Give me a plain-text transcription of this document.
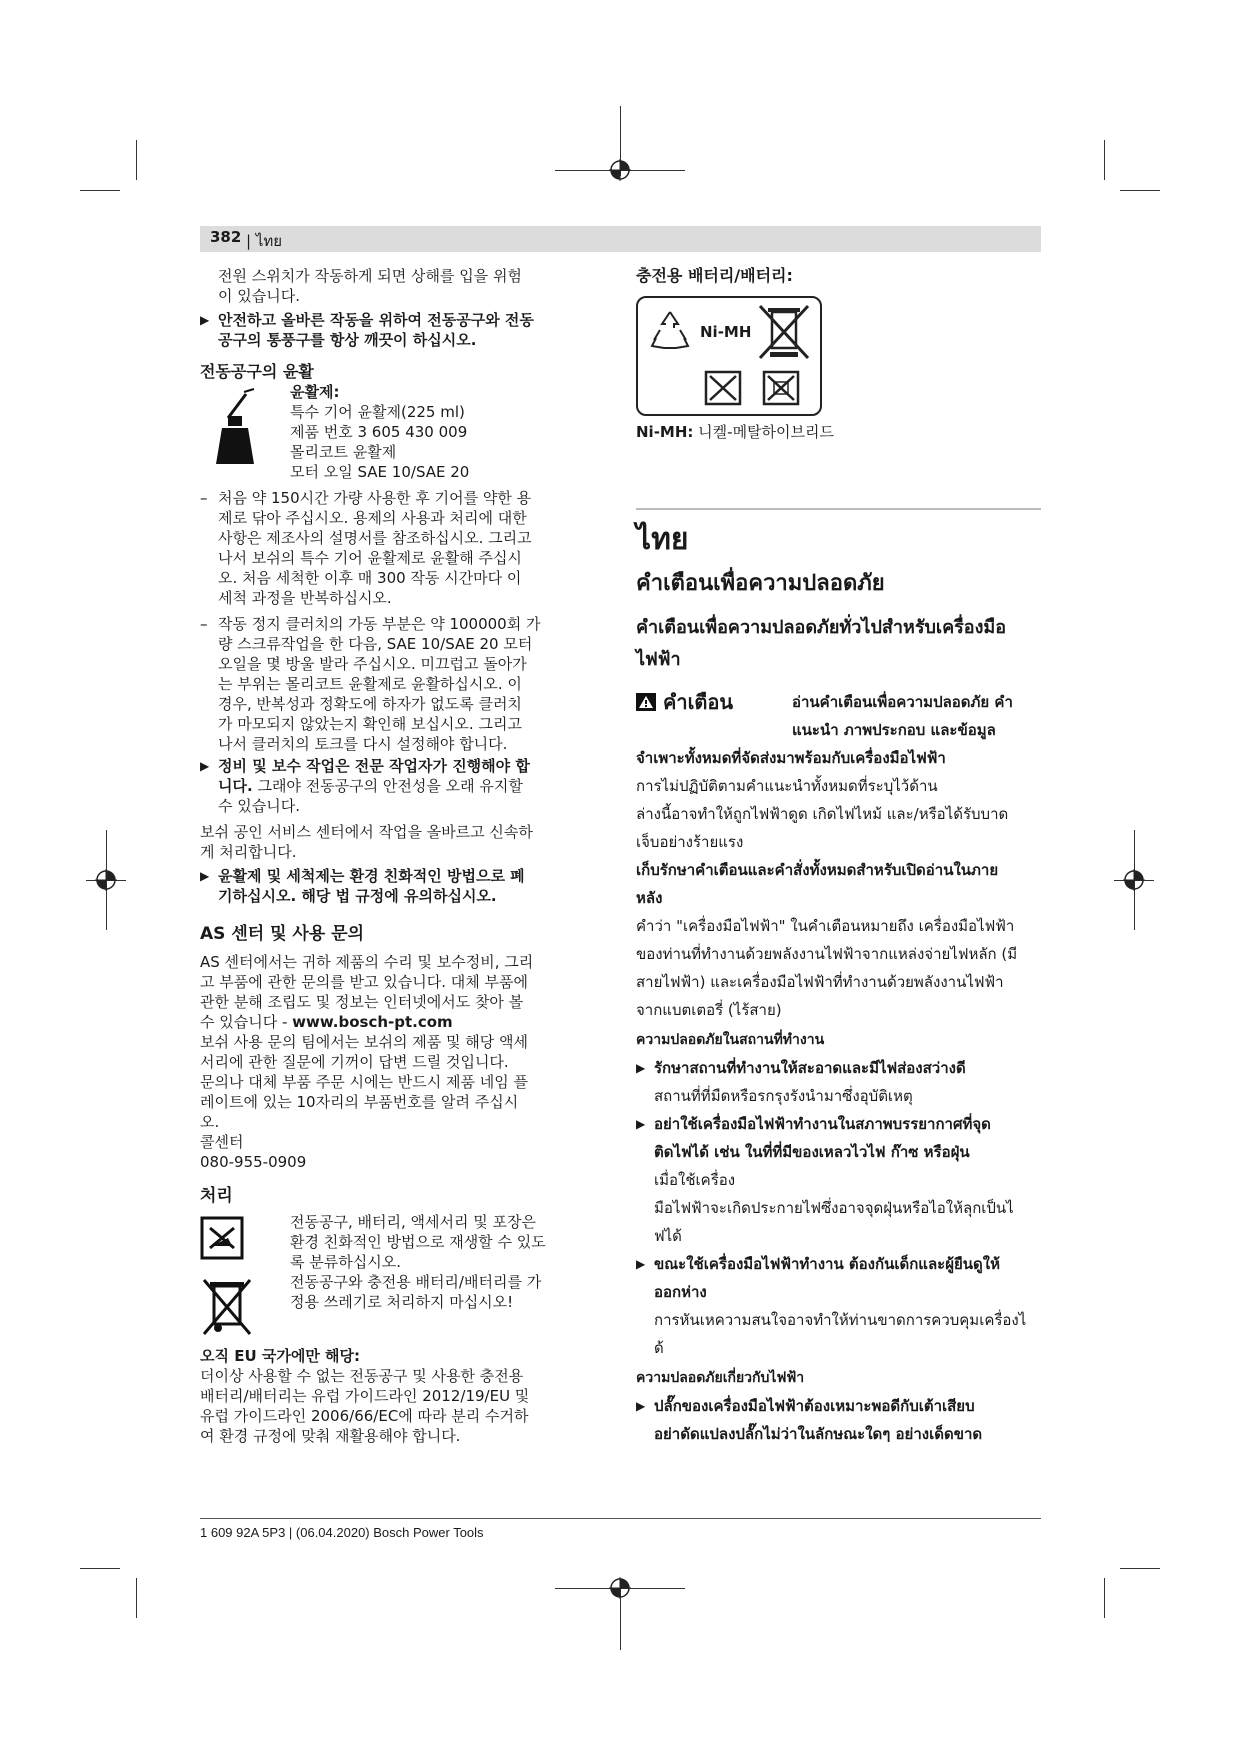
382 | ไทย

전원 스위치가 작동하게 되면 상해를 입을 위험

이 있습니다.

▶ 안전하고 올바른 작동을 위하여 전동공구와 전동

공구의 통풍구를 항상 깨끗이 하십시오.

전동공구의 윤활

윤활제:

특수 기어 윤활제(225 ml)

제품 번호 3 605 430 009

몰리코트 윤활제

모터 오일 SAE 10/SAE 20

– 처음 약 150시간 가량 사용한 후 기어를 약한 용

제로 닦아 주십시오. 용제의 사용과 처리에 대한

사항은 제조사의 설명서를 참조하십시오. 그리고

나서 보쉬의 특수 기어 윤활제로 윤활해 주십시

오. 처음 세척한 이후 매 300 작동 시간마다 이

세척 과정을 반복하십시오.

– 작동 정지 클러치의 가동 부분은 약 100000회 가

량 스크류작업을 한 다음, SAE 10/SAE 20 모터

오일을 몇 방울 발라 주십시오. 미끄럽고 돌아가

는 부위는 몰리코트 윤활제로 윤활하십시오. 이

경우, 반복성과 정확도에 하자가 없도록 클러치

가 마모되지 않았는지 확인해 보십시오. 그리고

나서 클러치의 토크를 다시 설정해야 합니다.

▶ 정비 및 보수 작업은 전문 작업자가 진행해야 합

니다. 그래야 전동공구의 안전성을 오래 유지할

수 있습니다.

보쉬 공인 서비스 센터에서 작업을 올바르고 신속하

게 처리합니다.

▶ 윤활제 및 세척제는 환경 친화적인 방법으로 폐

기하십시오. 해당 법 규정에 유의하십시오.

AS 센터 및 사용 문의

AS 센터에서는 귀하 제품의 수리 및 보수정비, 그리

고 부품에 관한 문의를 받고 있습니다. 대체 부품에

관한 분해 조립도 및 정보는 인터넷에서도 찾아 볼

수 있습니다 - www.bosch-pt.com

보쉬 사용 문의 팀에서는 보쉬의 제품 및 해당 액세

서리에 관한 질문에 기꺼이 답변 드릴 것입니다.

문의나 대체 부품 주문 시에는 반드시 제품 네임 플

레이트에 있는 10자리의 부품번호를 알려 주십시

오.

콜센터

080-955-0909

처리

전동공구, 배터리, 액세서리 및 포장은

환경 친화적인 방법으로 재생할 수 있도

록 분류하십시오.

전동공구와 충전용 배터리/배터리를 가

정용 쓰레기로 처리하지 마십시오!

오직 EU 국가에만 해당:

더이상 사용할 수 없는 전동공구 및 사용한 충전용

배터리/배터리는 유럽 가이드라인 2012/19/EU 및

유럽 가이드라인 2006/66/EC에 따라 분리 수거하

여 환경 규정에 맞춰 재활용해야 합니다.

충전용 배터리/배터리:

Ni-MH

Ni-MH: 니켈-메탈하이브리드

ไทย

คำเตือนเพื่อความปลอดภัย

คำเตือนเพื่อความปลอดภัยทั่วไปสำหรับเครื่องมือ

ไฟฟ้า

คำเตือน	อ่านคำเตือนเพื่อความปลอดภัย คำ

แนะนำ ภาพประกอบ และข้อมูล

จำเพาะทั้งหมดที่จัดส่งมาพร้อมกับเครื่องมือไฟฟ้า

การไม่ปฏิบัติตามคำแนะนำทั้งหมดที่ระบุไว้ด้าน

ล่างนี้อาจทำให้ถูกไฟฟ้าดูด เกิดไฟไหม้ และ/หรือได้รับบาด

เจ็บอย่างร้ายแรง

เก็บรักษาคำเตือนและคำสั่งทั้งหมดสำหรับเปิดอ่านในภาย

หลัง

คำว่า "เครื่องมือไฟฟ้า" ในคำเตือนหมายถึง เครื่องมือไฟฟ้า

ของท่านที่ทำงานด้วยพลังงานไฟฟ้าจากแหล่งจ่ายไฟหลัก (มี

สายไฟฟ้า) และเครื่องมือไฟฟ้าที่ทำงานด้วยพลังงานไฟฟ้า

จากแบตเตอรี่ (ไร้สาย)

ความปลอดภัยในสถานที่ทำงาน

▶ รักษาสถานที่ทำงานให้สะอาดและมีไฟส่องสว่างดี

สถานที่ที่มืดหรือรกรุงรังนำมาซึ่งอุบัติเหตุ

▶ อย่าใช้เครื่องมือไฟฟ้าทำงานในสภาพบรรยากาศที่จุด

ติดไฟได้ เช่น ในที่ที่มีของเหลวไวไฟ ก๊าซ หรือฝุ่น

เมื่อใช้เครื่อง

มือไฟฟ้าจะเกิดประกายไฟซึ่งอาจจุดฝุ่นหรือไอให้ลุกเป็นไ

ฟได้

▶ ขณะใช้เครื่องมือไฟฟ้าทำงาน ต้องกันเด็กและผู้ยืนดูให้

ออกห่าง

การหันเหความสนใจอาจทำให้ท่านขาดการควบคุมเครื่องไ

ด้

ความปลอดภัยเกี่ยวกับไฟฟ้า

▶ ปลั๊กของเครื่องมือไฟฟ้าต้องเหมาะพอดีกับเต้าเสียบ

อย่าดัดแปลงปลั๊กไม่ว่าในลักษณะใดๆ อย่างเด็ดขาด

1 609 92A 5P3 | (06.04.2020) Bosch Power Tools
